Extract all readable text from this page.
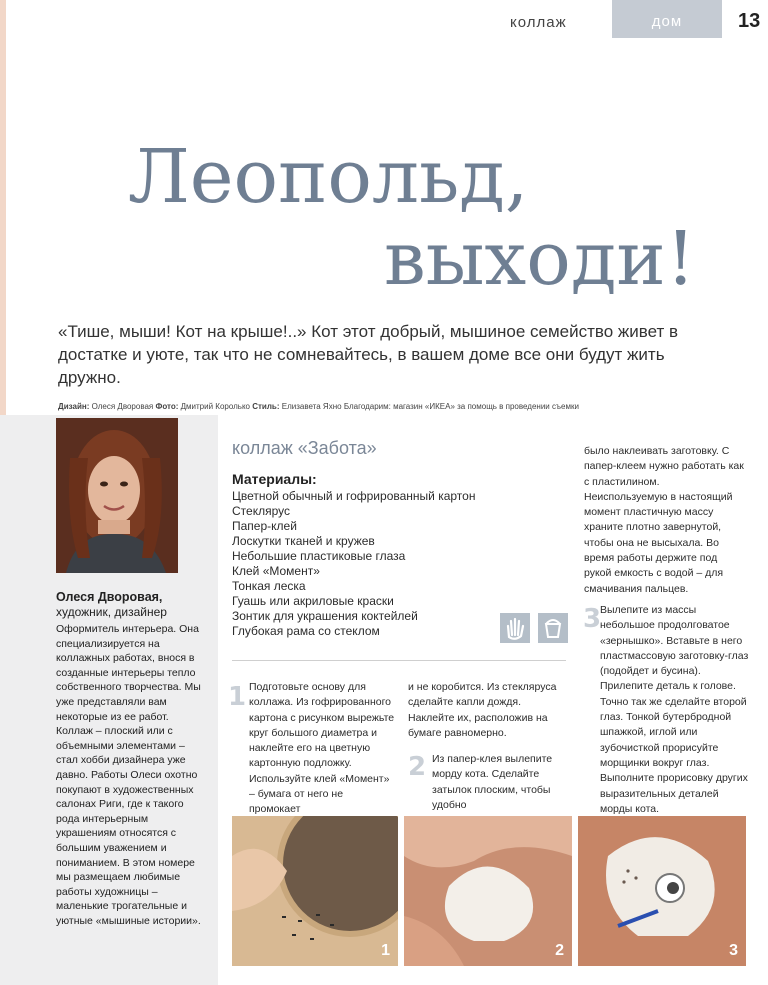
коллаж	дом	13
Леопольд,
выходи!
«Тише, мыши! Кот на крыше!..» Кот этот добрый, мышиное семейство живет в достатке и уюте, так что не сомневайтесь, в вашем доме все они будут жить дружно.
Дизайн: Олеся Дворовая Фото: Дмитрий Королько Стиль: Елизавета Яхно Благодарим: магазин «ИКЕА» за помощь в проведении съемки
Олеся Дворовая,
художник, дизайнер
Оформитель интерьера. Она специализируется на коллажных работах, внося в созданные интерьеры тепло собственного творчества. Мы уже представляли вам некоторые из ее работ. Коллаж – плоский или с объемными элементами – стал хобби дизайнера уже давно. Работы Олеси охотно покупают в художественных салонах Риги, где к такого рода интерьерным украшениям относятся с большим уважением и пониманием. В этом номере мы размещаем любимые работы художницы – маленькие трогательные и уютные «мышиные истории».
коллаж «Забота»
Материалы:
Цветной обычный и гофрированный картон
Стеклярус
Папер-клей
Лоскутки тканей и кружев
Небольшие пластиковые глаза
Клей «Момент»
Тонкая леска
Гуашь или акриловые краски
Зонтик для украшения коктейлей
Глубокая рама со стеклом
было наклеивать заготовку. С папер-клеем нужно работать как с пластилином. Неиспользуемую в настоящий момент пластичную массу храните плотно завернутой, чтобы она не высыхала. Во время работы держите под рукой емкость с водой – для смачивания пальцев.
3
Вылепите из массы небольшое продолговатое «зернышко». Вставьте в него пластмассовую заготовку-глаз (подойдет и бусина). Прилепите деталь к голове. Точно так же сделайте второй глаз. Тонкой бутербродной шпажкой, иглой или зубочисткой прорисуйте морщинки вокруг глаз. Выполните прорисовку других выразительных деталей морды кота.
1 Подготовьте основу для коллажа. Из гофрированного картона с рисунком вырежьте круг большого диаметра и наклейте его на цветную картонную подложку. Используйте клей «Момент» – бумага от него не промокает
и не коробится. Из стекляруса сделайте капли дождя. Наклейте их, расположив на бумаге равномерно.
2 Из папер-клея вылепите морду кота. Сделайте затылок плоским, чтобы удобно
1	2	3
